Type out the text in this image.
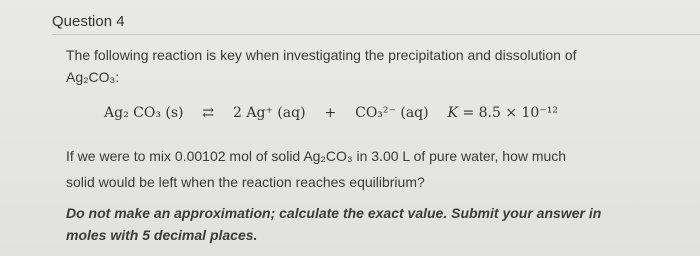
Question 4

The following reaction is key when investigating the precipitation and dissolution of
Ag₂CO₃:

Ag₂ CO₃ (s) ⇄ 2 Ag⁺ (aq) + CO₃²⁻ (aq) K = 8.5 × 10⁻¹²

If we were to mix 0.00102 mol of solid Ag₂CO₃ in 3.00 L of pure water, how much
solid would be left when the reaction reaches equilibrium?

Do not make an approximation; calculate the exact value. Submit your answer in
moles with 5 decimal places.
